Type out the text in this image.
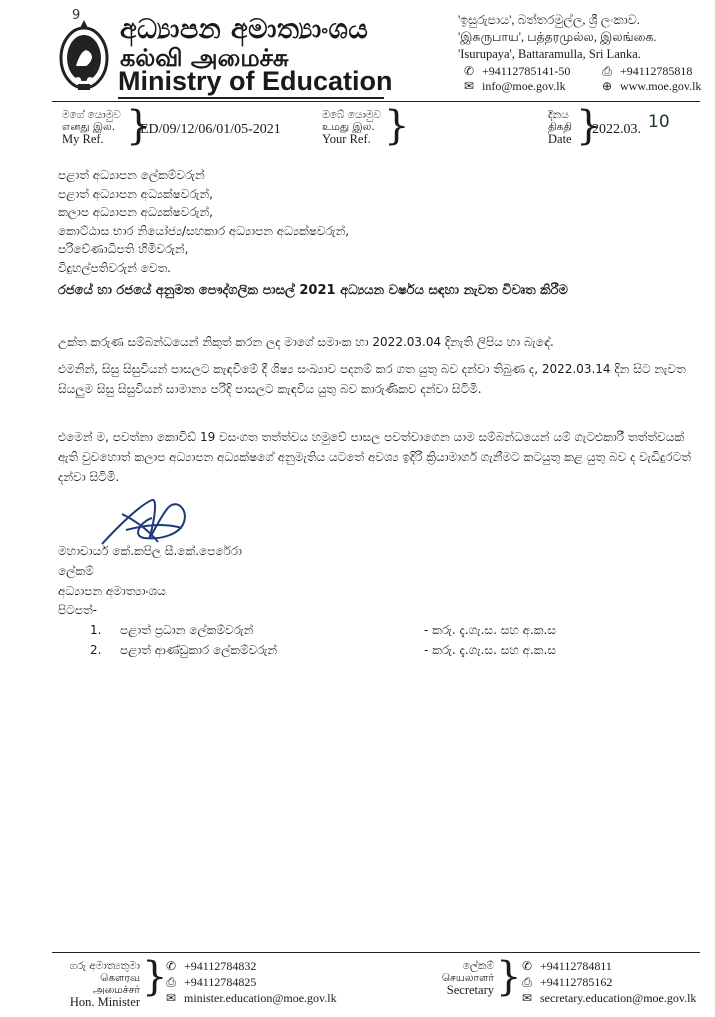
9 අධ්‍යාපන අමාත්‍යාංශය
கல்வி அமைச்சு
Ministry of Education
'ඉසුරුපාය', බත්තරමුල්ල, ශ්‍රී ලංකාව.
'இசுருபாய', பத்தரமுல்ல, இலங்கை.
'Isurupaya', Battaramulla, Sri Lanka.
✆ +94112785141-50	⎙ +94112785818
✉ info@moe.gov.lk	⊕ www.moe.gov.lk
මගේ යොමුව
எனது இல.
My Ref. }
ED/09/12/06/01/05-2021
ඔබේ යොමුව
உமது இல.
Your Ref. }	දිනය
திகதி
Date }
2022.03. 10
පළාත් අධ්‍යාපන ලේකම්වරුන්
පළාත් අධ්‍යාපන අධ්‍යක්ෂවරුන්,
කලාප අධ්‍යාපන අධ්‍යක්ෂවරුන්,
කොට්ඨාස භාර නියෝජ්‍ය/සහකාර අධ්‍යාපන අධ්‍යක්ෂවරුන්,
පරිවේණාධිපති හිමිවරුන්,
විදුහල්පතිවරුන් වෙත.
රජයේ හා රජයේ අනුමත පෞද්ගලික පාසල් 2021 අධ්‍යයන වර්ෂය සඳහා නැවත විවෘත කිරීම
උක්ත කරුණ සම්බන්ධයෙන් නිකුත් කරන ලද මාගේ සමාංක හා 2022.03.04 දිනැති ලිපිය හා බැඳේ.
එමනින්, සිසු සිසුවියන් පාසලට කැඳවීමේ දී ශිෂ්‍ය සංඛ්‍යාව පදනම් කර ගත යුතු බව දන්වා තිබුණ ද, 2022.03.14 දින සිට නැවත සියලුම සිසු සිසුවියන් සාමාන්‍ය පරිදි පාසලට කැඳවිය යුතු බව කාරුණිකව දන්වා සිටිමි.
එමෙන් ම, පවත්නා කොවිඩ් 19 වසංගත තත්ත්වය හමුවේ පාසල පවත්වාගෙන යාම සම්බන්ධයෙන් යම් ගැටළුකාරී තත්ත්වයක් ඇති වුවහොත් කලාප අධ්‍යාපන අධ්‍යක්ෂගේ අනුමැතිය යටතේ අවශ්‍ය ඉදිරි ක්‍රියාමාර්ග ගැනීමට කටයුතු කළ යුතු බව ද වැඩිදුරටත් දන්වා සිටිමි.
මහාචාර්ය කේ.කපිල සී.කේ.පෙරේරා
ලේකම්
අධ්‍යාපන අමාත්‍යාංශය
පිටපත්-
1. පළාත් ප්‍රධාන ලේකම්වරුන්	- කරු. දැ.ගැ.ස. සහ අ.ක.ස
2. පළාත් ආණ්ඩුකාර ලේකම්වරුන්	- කරු. දැ.ගැ.ස. සහ අ.ක.ස
ගරු අමාත්‍යතුමා
கௌரவ அமைச்சர்
Hon. Minister
}
✆ +94112784832
⎙ +94112784825
✉ minister.education@moe.gov.lk
ලේකම්
செயலாளர்
Secretary } ✆ +94112784811
⎙ +94112785162
✉ secretary.education@moe.gov.lk
